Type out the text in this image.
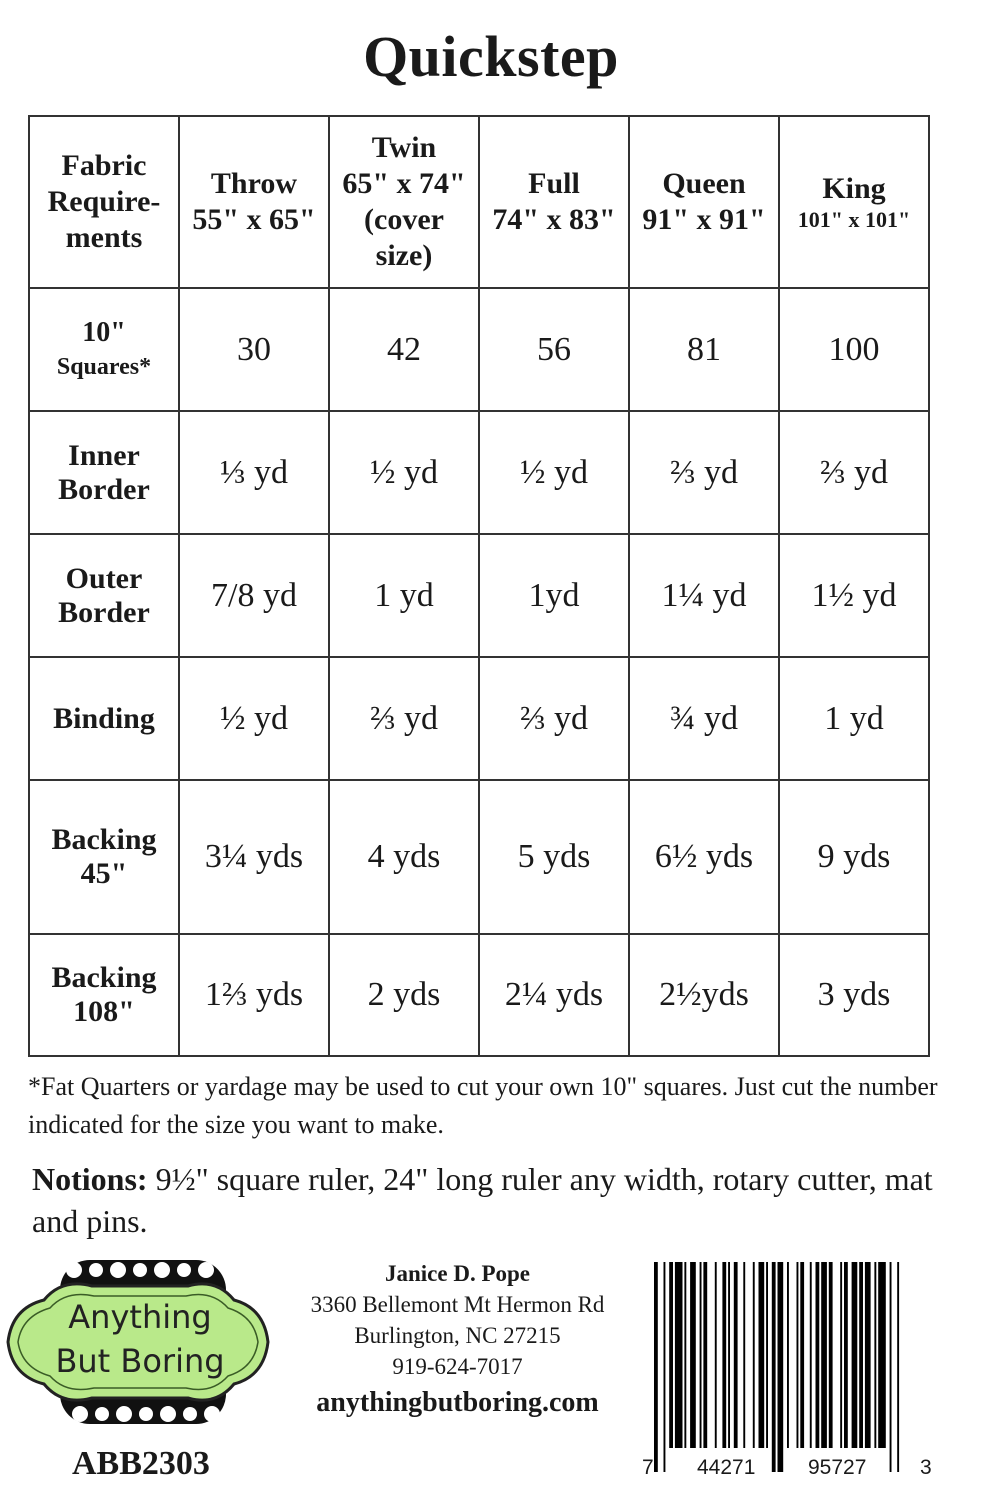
Quickstep
Fabric
Require-
ments	Throw
55" x 65"	Twin
65" x 74"
(cover
size)	Full
74" x 83"	Queen
91" x 91"	King
101" x 101"

10"
Squares*	30	42	56	81	100

Inner
Border	⅓ yd	½ yd	½ yd	⅔ yd	⅔ yd

Outer
Border	7/8 yd	1 yd	1yd	1¼ yd	1½ yd

Binding	½ yd	⅔ yd	⅔ yd	¾ yd	1 yd

Backing
45"	3¼ yds	4 yds	5 yds	6½ yds	9 yds

Backing
108"	1⅔ yds	2 yds	2¼ yds	2½yds	3 yds
*Fat Quarters or yardage may be used to cut your own 10" squares. Just cut the number indicated for the size you want to make.
Notions: 9½" square ruler, 24" long ruler any width, rotary cutter, mat and pins.
Anything
But Boring
ABB2303
Janice D. Pope
3360 Bellemont Mt Hermon Rd
Burlington, NC 27215
919-624-7017
anythingbutboring.com
7 44271	95727	3
